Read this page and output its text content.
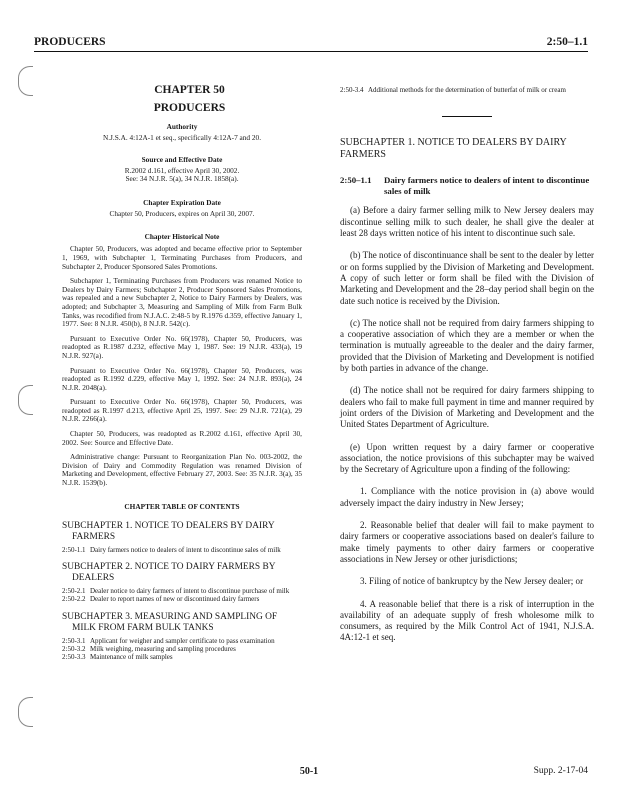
PRODUCERS	2:50–1.1
CHAPTER 50
PRODUCERS
Authority
N.J.S.A. 4:12A-1 et seq., specifically 4:12A-7 and 20.
Source and Effective Date
R.2002 d.161, effective April 30, 2002.
See: 34 N.J.R. 5(a), 34 N.J.R. 1858(a).
Chapter Expiration Date
Chapter 50, Producers, expires on April 30, 2007.
Chapter Historical Note
Chapter 50, Producers, was adopted and became effective prior to September 1, 1969, with Subchapter 1, Terminating Purchases from Producers, and Subchapter 2, Producer Sponsored Sales Promotions.
Subchapter 1, Terminating Purchases from Producers was renamed Notice to Dealers by Dairy Farmers; Subchapter 2, Producer Sponsored Sales Promotions, was repealed and a new Subchapter 2, Notice to Dairy Farmers by Dealers, was adopted; and Subchapter 3, Measuring and Sampling of Milk from Farm Bulk Tanks, was recodified from N.J.A.C. 2:48-5 by R.1976 d.359, effective January 1, 1977. See: 8 N.J.R. 450(b), 8 N.J.R. 542(c).
Pursuant to Executive Order No. 66(1978), Chapter 50, Producers, was readopted as R.1987 d.232, effective May 1, 1987. See: 19 N.J.R. 433(a), 19 N.J.R. 927(a).
Pursuant to Executive Order No. 66(1978), Chapter 50, Producers, was readopted as R.1992 d.229, effective May 1, 1992. See: 24 N.J.R. 893(a), 24 N.J.R. 2048(a).
Pursuant to Executive Order No. 66(1978), Chapter 50, Producers, was readopted as R.1997 d.213, effective April 25, 1997. See: 29 N.J.R. 721(a), 29 N.J.R. 2266(a).
Chapter 50, Producers, was readopted as R.2002 d.161, effective April 30, 2002. See: Source and Effective Date.
Administrative change: Pursuant to Reorganization Plan No. 003-2002, the Division of Dairy and Commodity Regulation was renamed Division of Marketing and Development, effective February 27, 2003. See: 35 N.J.R. 3(a), 35 N.J.R. 1539(b).
CHAPTER TABLE OF CONTENTS
SUBCHAPTER 1. NOTICE TO DEALERS BY DAIRY FARMERS
2:50-1.1 Dairy farmers notice to dealers of intent to discontinue sales of milk
SUBCHAPTER 2. NOTICE TO DAIRY FARMERS BY DEALERS
2:50-2.1 Dealer notice to dairy farmers of intent to discontinue purchase of milk
2:50-2.2 Dealer to report names of new or discontinued dairy farmers
SUBCHAPTER 3. MEASURING AND SAMPLING OF MILK FROM FARM BULK TANKS
2:50-3.1 Applicant for weigher and sampler certificate to pass examination
2:50-3.2 Milk weighing, measuring and sampling procedures
2:50-3.3 Maintenance of milk samples
2:50-3.4 Additional methods for the determination of butterfat of milk or cream
SUBCHAPTER 1. NOTICE TO DEALERS BY DAIRY FARMERS
2:50–1.1 Dairy farmers notice to dealers of intent to discontinue sales of milk
(a) Before a dairy farmer selling milk to New Jersey dealers may discontinue selling milk to such dealer, he shall give the dealer at least 28 days written notice of his intent to discontinue such sale.
(b) The notice of discontinuance shall be sent to the dealer by letter or on forms supplied by the Division of Marketing and Development. A copy of such letter or form shall be filed with the Division of Marketing and Development and the 28–day period shall begin on the date such notice is received by the Division.
(c) The notice shall not be required from dairy farmers shipping to a cooperative association of which they are a member or when the termination is mutually agreeable to the dealer and the dairy farmer, provided that the Division of Marketing and Development is notified by both parties in advance of the change.
(d) The notice shall not be required for dairy farmers shipping to dealers who fail to make full payment in time and manner required by joint orders of the Division of Marketing and Development and the United States Department of Agriculture.
(e) Upon written request by a dairy farmer or cooperative association, the notice provisions of this subchapter may be waived by the Secretary of Agriculture upon a finding of the following:
1. Compliance with the notice provision in (a) above would adversely impact the dairy industry in New Jersey;
2. Reasonable belief that dealer will fail to make payment to dairy farmers or cooperative associations based on dealer's failure to make timely payments to other dairy farmers or cooperative associations in New Jersey or other jurisdictions;
3. Filing of notice of bankruptcy by the New Jersey dealer; or
4. A reasonable belief that there is a risk of interruption in the availability of an adequate supply of fresh wholesome milk to consumers, as required by the Milk Control Act of 1941, N.J.S.A. 4A:12-1 et seq.
50-1	Supp. 2-17-04
